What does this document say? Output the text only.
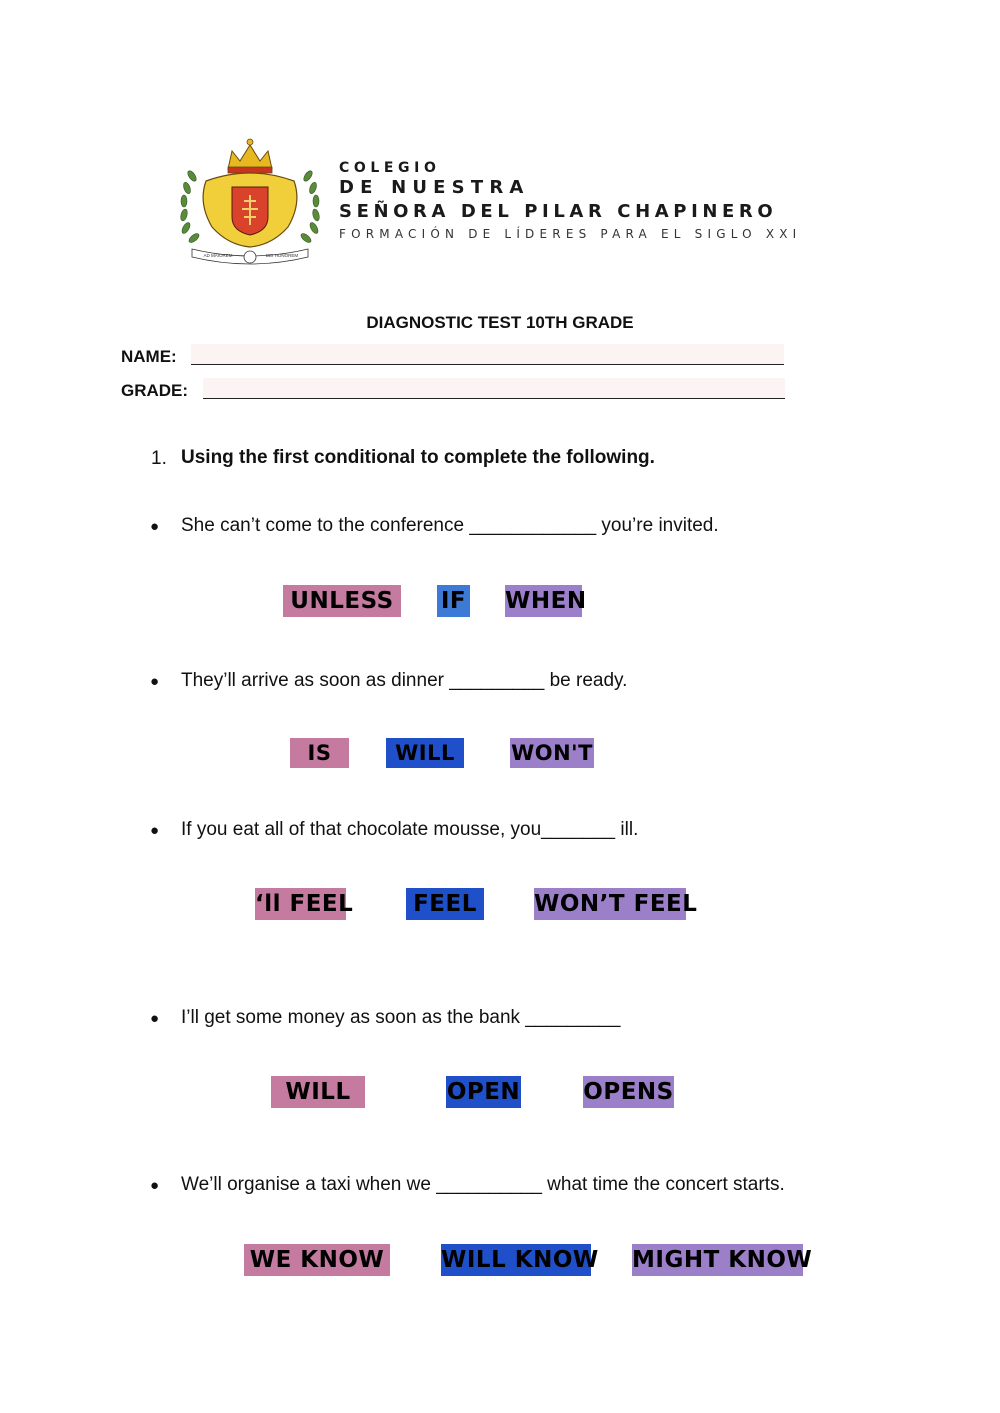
AD MAIOREM	DEI HONOREM
COLEGIO
DE NUESTRA
SEÑORA DEL PILAR CHAPINERO
FORMACIÓN DE LÍDERES PARA EL SIGLO XXI
DIAGNOSTIC TEST 10TH GRADE
NAME:
GRADE:
1. Using the first conditional to complete the following.
● She can’t come to the conference ____________ you’re invited.
UNLESS	IF WHEN
● They’ll arrive as soon as dinner _________ be ready.
IS	WILL	WON'T
● If you eat all of that chocolate mousse, you_______ ill.
‘ll FEEL	FEEL	WON’T FEEL
● I’ll get some money as soon as the bank _________
WILL	OPEN	OPENS
● We’ll organise a taxi when we __________ what time the concert starts.
WE KNOW WILL KNOW MIGHT KNOW
